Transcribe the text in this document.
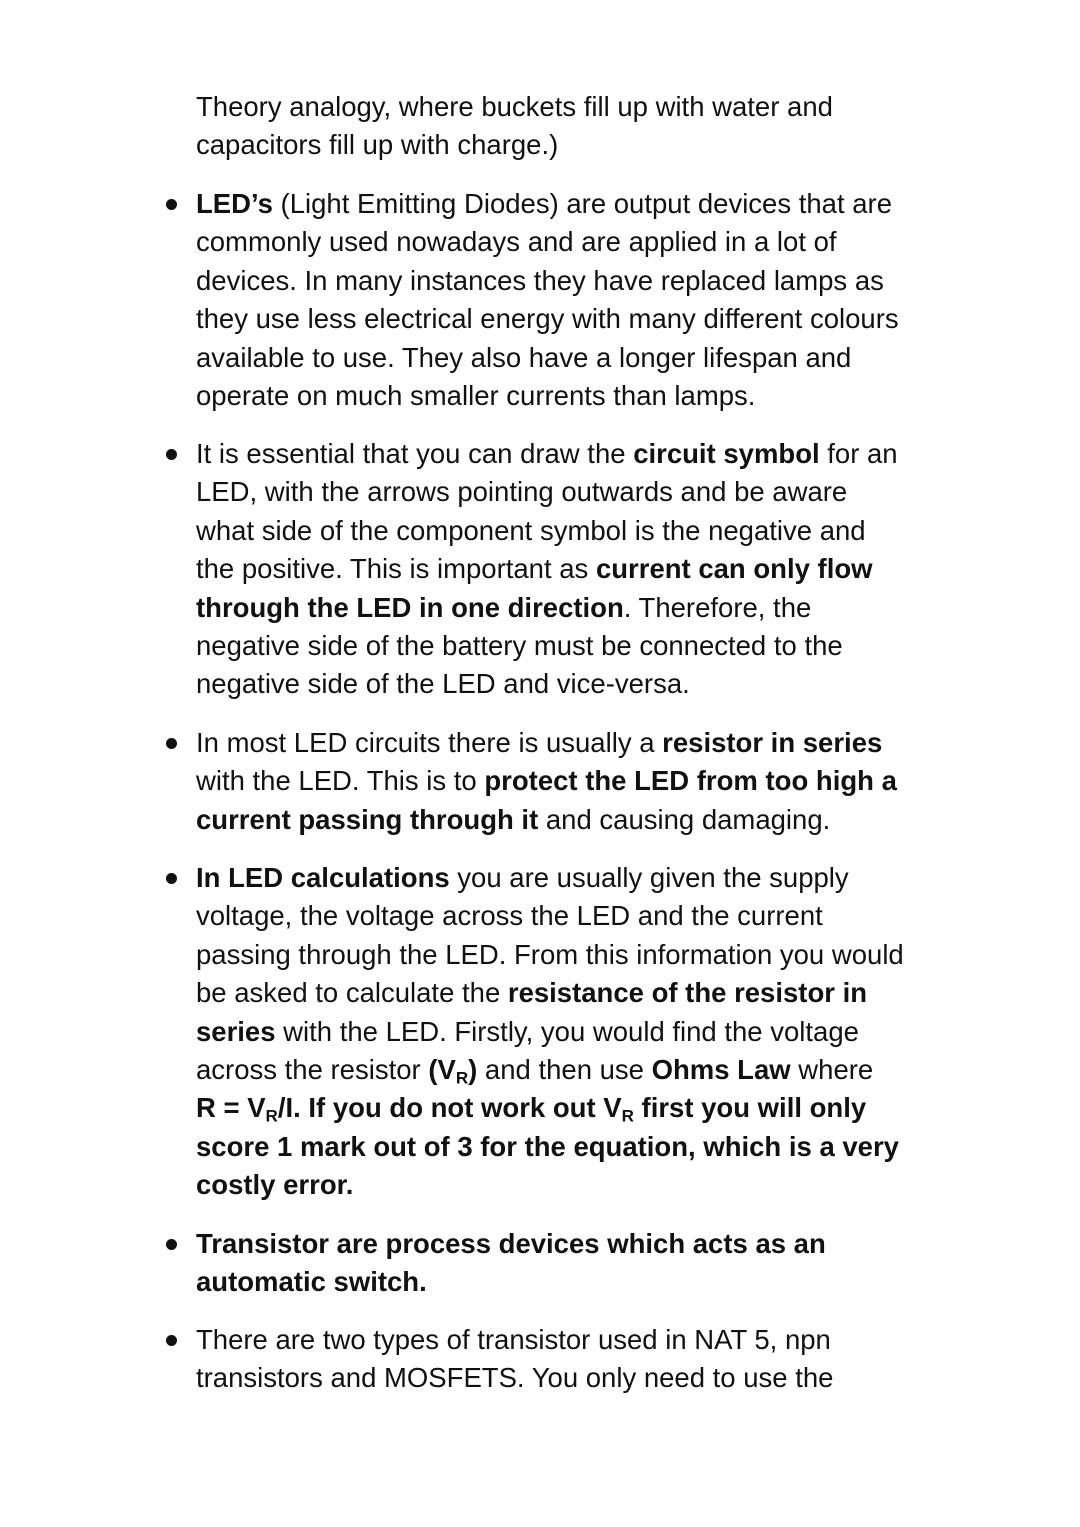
Theory analogy, where buckets fill up with water and
capacitors fill up with charge.)
LED’s (Light Emitting Diodes) are output devices that are
commonly used nowadays and are applied in a lot of
devices. In many instances they have replaced lamps as
they use less electrical energy with many different colours
available to use. They also have a longer lifespan and
operate on much smaller currents than lamps.
It is essential that you can draw the circuit symbol for an
LED, with the arrows pointing outwards and be aware
what side of the component symbol is the negative and
the positive. This is important as current can only flow
through the LED in one direction. Therefore, the
negative side of the battery must be connected to the
negative side of the LED and vice-versa.
In most LED circuits there is usually a resistor in series
with the LED. This is to protect the LED from too high a
current passing through it and causing damaging.
In LED calculations you are usually given the supply
voltage, the voltage across the LED and the current
passing through the LED. From this information you would
be asked to calculate the resistance of the resistor in
series with the LED. Firstly, you would find the voltage
across the resistor $(V_R)$ and then use Ohms Law where
$R = V_R/I$. If you do not work out $V_R$ first you will only
score 1 mark out of 3 for the equation, which is a very
costly error.
Transistor are process devices which acts as an
automatic switch.
There are two types of transistor used in NAT 5, npn
transistors and MOSFETS. You only need to use the
